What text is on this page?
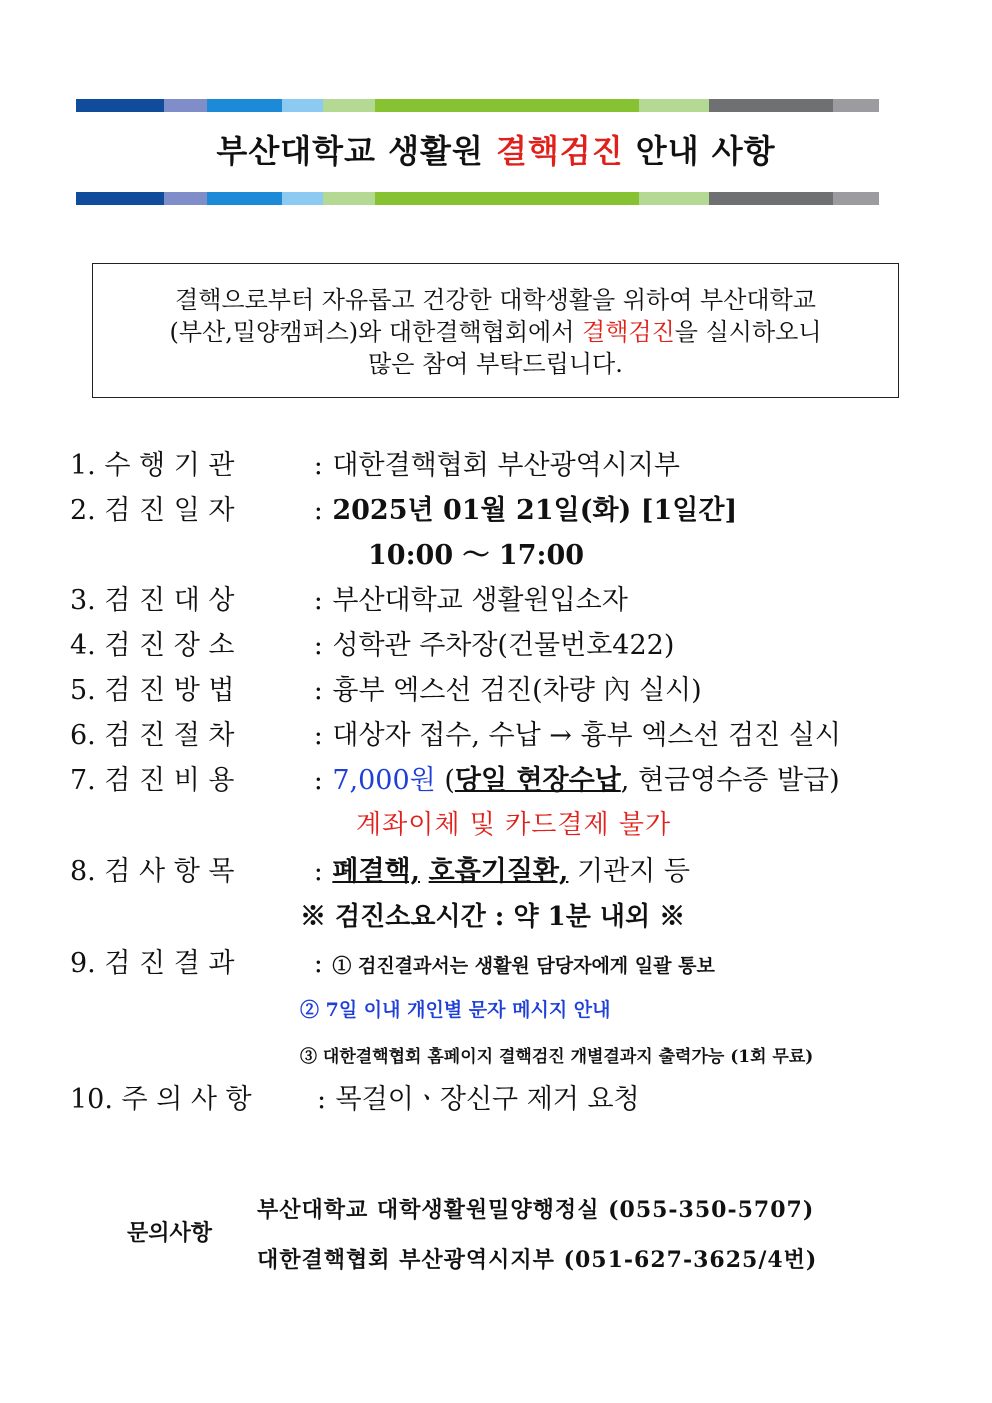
부산대학교 생활원 결핵검진 안내 사항
결핵으로부터 자유롭고 건강한 대학생활을 위하여 부산대학교
(부산,밀양캠퍼스)와 대한결핵협회에서 결핵검진을 실시하오니
많은 참여 부탁드립니다.
1. 수 행 기 관	: 대한결핵협회 부산광역시지부
2. 검 진 일 자	: 2025년 01월 21일(화) [1일간]
10:00 ～ 17:00
3. 검 진 대 상	: 부산대학교 생활원입소자
4. 검 진 장 소	: 성학관 주차장(건물번호422)
5. 검 진 방 법	: 흉부 엑스선 검진(차량 內 실시)
6. 검 진 절 차	: 대상자 접수, 수납 → 흉부 엑스선 검진 실시
7. 검 진 비 용	: 7,000원 (당일 현장수납, 현금영수증 발급)
계좌이체 및 카드결제 불가
8. 검 사 항 목	: 폐결핵, 호흡기질환, 기관지 등
※ 검진소요시간 : 약 1분 내외 ※
9. 검 진 결 과	: ① 검진결과서는 생활원 담당자에게 일괄 통보
② 7일 이내 개인별 문자 메시지 안내
③ 대한결핵협회 홈페이지 결핵검진 개별결과지 출력가능 (1회 무료)
10. 주 의 사 항 : 목걸이ㆍ장신구 제거 요청
문의사항
부산대학교 대학생활원밀양행정실 (055-350-5707)
대한결핵협회 부산광역시지부 (051-627-3625/4번)
